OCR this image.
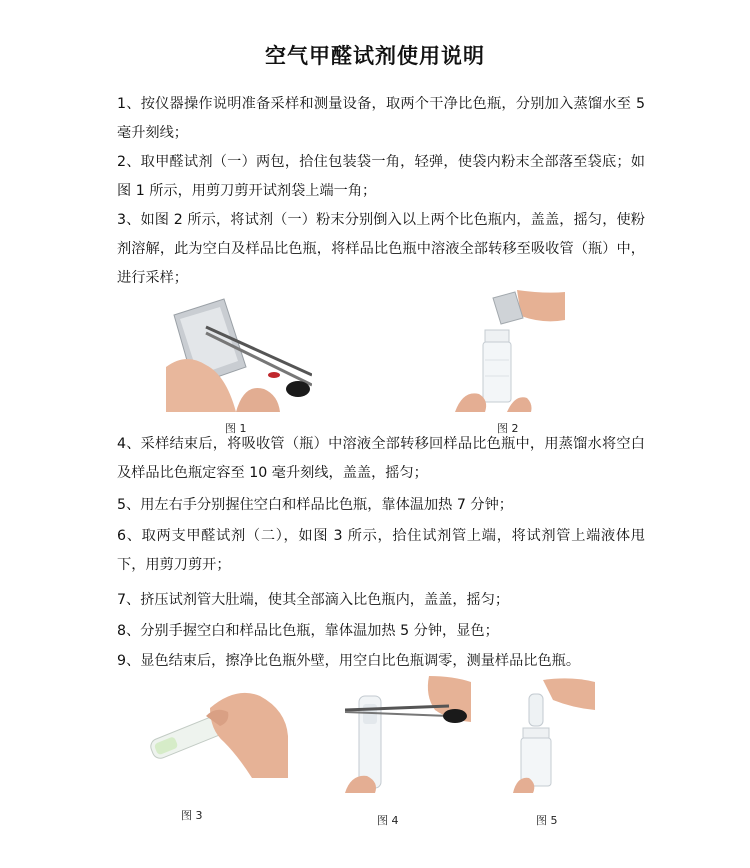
空气甲醛试剂使用说明
1、按仪器操作说明准备采样和测量设备，取两个干净比色瓶，分别加入蒸馏水至 5 毫升刻线；
2、取甲醛试剂（一）两包，拾住包装袋一角，轻弹，使袋内粉末全部落至袋底；如图 1 所示，用剪刀剪开试剂袋上端一角；
3、如图 2 所示，将试剂（一）粉末分别倒入以上两个比色瓶内，盖盖，摇匀，使粉剂溶解，此为空白及样品比色瓶，将样品比色瓶中溶液全部转移至吸收管（瓶）中，进行采样；
图 1	图 2
4、采样结束后，将吸收管（瓶）中溶液全部转移回样品比色瓶中，用蒸馏水将空白及样品比色瓶定容至 10 毫升刻线，盖盖，摇匀；
5、用左右手分别握住空白和样品比色瓶，靠体温加热 7 分钟；
6、取两支甲醛试剂（二），如图 3 所示，拾住试剂管上端，将试剂管上端液体甩下，用剪刀剪开；
7、挤压试剂管大肚端，使其全部滴入比色瓶内，盖盖，摇匀；
8、分别手握空白和样品比色瓶，靠体温加热 5 分钟，显色；
9、显色结束后，擦净比色瓶外壁，用空白比色瓶调零，测量样品比色瓶。
图 3	图 4	图 5
